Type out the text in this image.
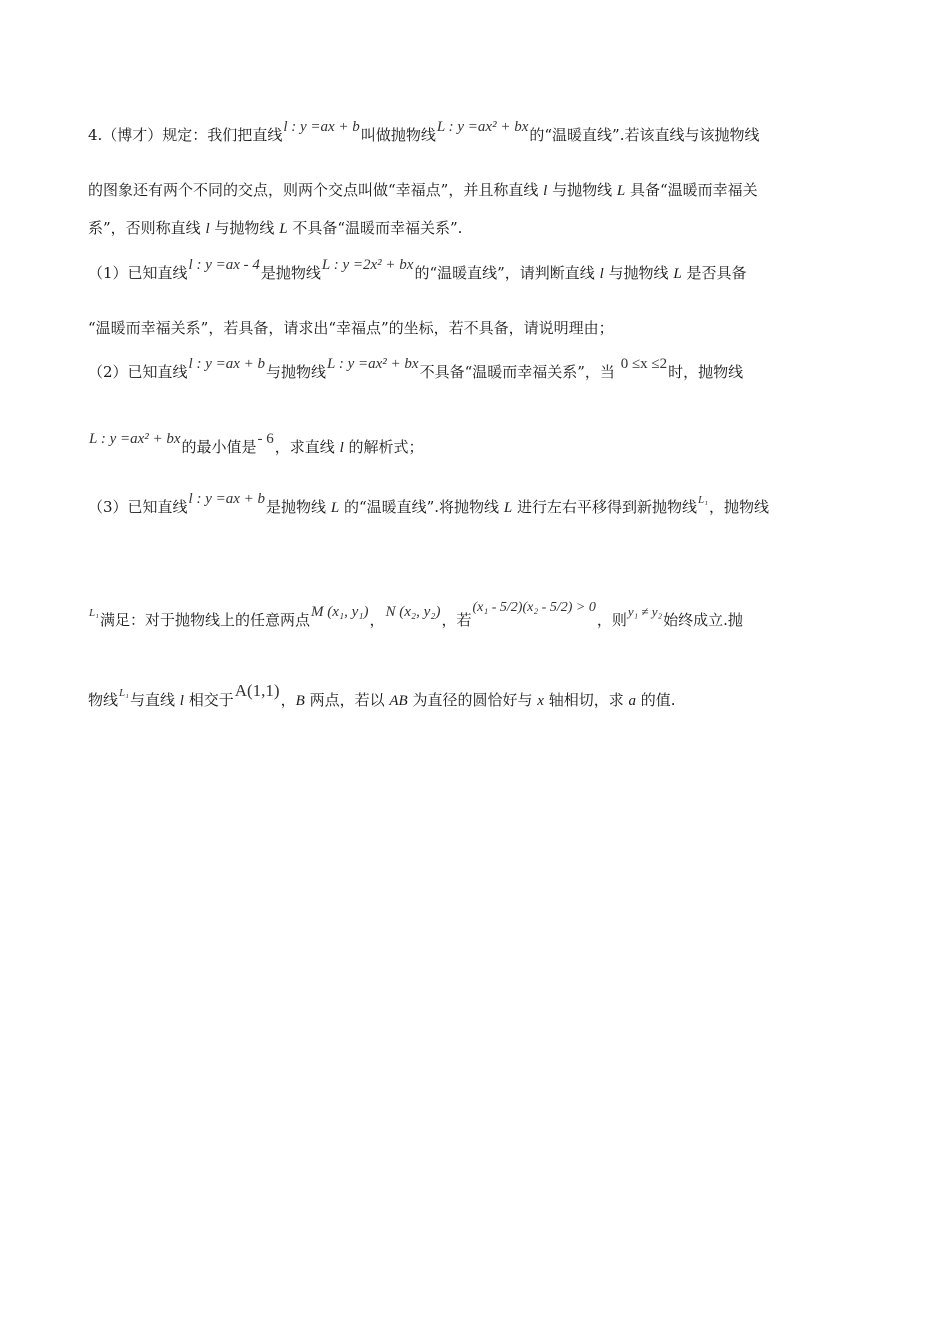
4.（博才）规定：我们把直线l : y =ax + b叫做抛物线L : y =ax² + bx的“温暖直线”.若该直线与该抛物线
的图象还有两个不同的交点，则两个交点叫做“幸福点”，并且称直线 l 与抛物线 L 具备“温暖而幸福关
系”，否则称直线 l 与抛物线 L 不具备“温暖而幸福关系”.
（1）已知直线l : y =ax - 4是抛物线L : y =2x² + bx的“温暖直线”，请判断直线 l 与抛物线 L 是否具备
“温暖而幸福关系”，若具备，请求出“幸福点”的坐标，若不具备，请说明理由；
（2）已知直线l : y =ax + b与抛物线L : y =ax² + bx不具备“温暖而幸福关系”，当 0 ≤x ≤2时，抛物线
L : y =ax² + bx的最小值是- 6，求直线 l 的解析式；
（3）已知直线l : y =ax + b是抛物线 L 的“温暖直线”.将抛物线 L 进行左右平移得到新抛物线$^{L_1}$，抛物线
$^{L_1}$满足：对于抛物线上的任意两点M (x₁, y₁)，N (x₂, y₂)，若(x₁ - 5/2)(x₂ - 5/2) > 0，则y₁ ≠ y₂始终成立.抛
物线$^{L_1}$与直线 l 相交于A(1,1)，B 两点，若以 AB 为直径的圆恰好与 x 轴相切，求 a 的值.
